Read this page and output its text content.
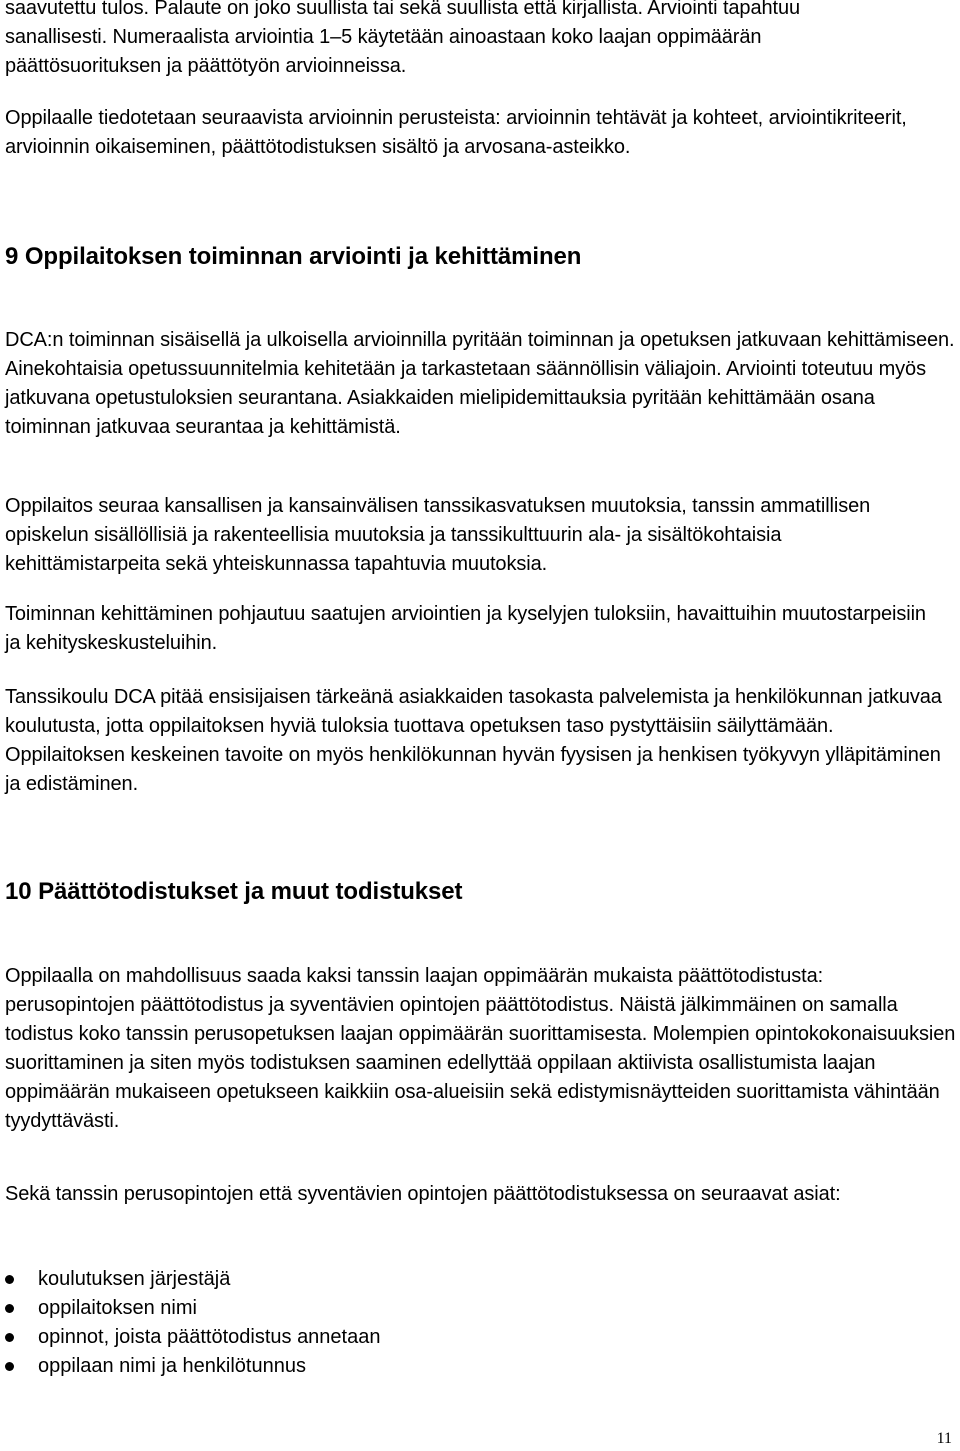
saavutettu tulos. Palaute on joko suullista tai sekä suullista että kirjallista. Arviointi tapahtuu sanallisesti. Numeraalista arviointia 1–5 käytetään ainoastaan koko laajan oppimäärän päättösuorituksen ja päättötyön arvioinneissa.

Oppilaalle tiedotetaan seuraavista arvioinnin perusteista: arvioinnin tehtävät ja kohteet, arviointikriteerit, arvioinnin oikaiseminen, päättötodistuksen sisältö ja arvosana-asteikko.

9 Oppilaitoksen toiminnan arviointi ja kehittäminen

DCA:n toiminnan sisäisellä ja ulkoisella arvioinnilla pyritään toiminnan ja opetuksen jatkuvaan kehittämiseen. Ainekohtaisia opetussuunnitelmia kehitetään ja tarkastetaan säännöllisin väliajoin. Arviointi toteutuu myös jatkuvana opetustuloksien seurantana. Asiakkaiden mielipidemittauksia pyritään kehittämään osana toiminnan jatkuvaa seurantaa ja kehittämistä.

Oppilaitos seuraa kansallisen ja kansainvälisen tanssikasvatuksen muutoksia, tanssin ammatillisen opiskelun sisällöllisiä ja rakenteellisia muutoksia ja tanssikulttuurin ala- ja sisältökohtaisia kehittämistarpeita sekä yhteiskunnassa tapahtuvia muutoksia.

Toiminnan kehittäminen pohjautuu saatujen arviointien ja kyselyjen tuloksiin, havaittuihin muutostarpeisiin ja kehityskeskusteluihin.

Tanssikoulu DCA pitää ensisijaisen tärkeänä asiakkaiden tasokasta palvelemista ja henkilökunnan jatkuvaa koulutusta, jotta oppilaitoksen hyviä tuloksia tuottava opetuksen taso pystyttäisiin säilyttämään. Oppilaitoksen keskeinen tavoite on myös henkilökunnan hyvän fyysisen ja henkisen työkyvyn ylläpitäminen ja edistäminen.

10 Päättötodistukset ja muut todistukset

Oppilaalla on mahdollisuus saada kaksi tanssin laajan oppimäärän mukaista päättötodistusta: perusopintojen päättötodistus ja syventävien opintojen päättötodistus. Näistä jälkimmäinen on samalla todistus koko tanssin perusopetuksen laajan oppimäärän suorittamisesta. Molempien opintokokonaisuuksien suorittaminen ja siten myös todistuksen saaminen edellyttää oppilaan aktiivista osallistumista laajan oppimäärän mukaiseen opetukseen kaikkiin osa-alueisiin sekä edistymisnäytteiden suorittamista vähintään tyydyttävästi.

Sekä tanssin perusopintojen että syventävien opintojen päättötodistuksessa on seuraavat asiat:

koulutuksen järjestäjä
oppilaitoksen nimi
opinnot, joista päättötodistus annetaan
oppilaan nimi ja henkilötunnus
11
